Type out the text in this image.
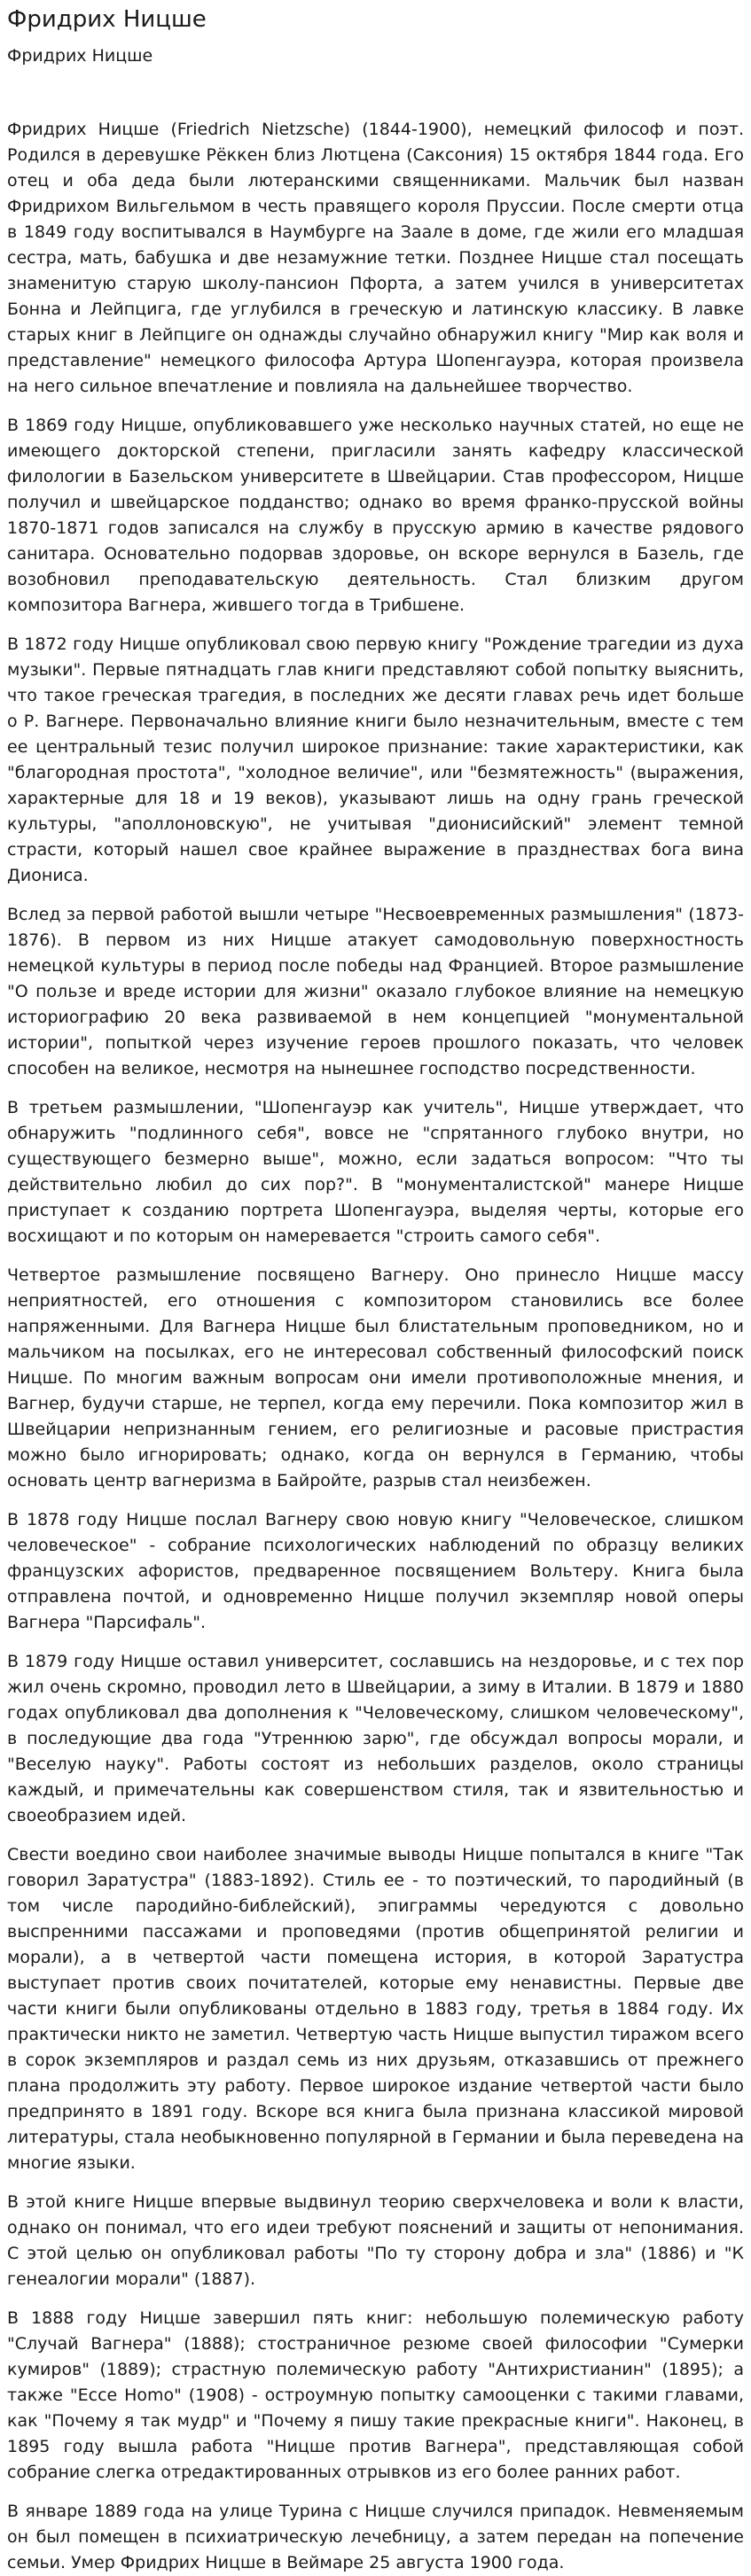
Фридрих Ницше
Фридрих Ницше

Фридрих Ницше (Friedrich Nietzsche) (1844-1900), немецкий философ и поэт. Родился в деревушке Рёккен близ Лютцена (Саксония) 15 октября 1844 года. Его отец и оба деда были лютеранскими священниками. Мальчик был назван Фридрихом Вильгельмом в честь правящего короля Пруссии. После смерти отца в 1849 году воспитывался в Наумбурге на Заале в доме, где жили его младшая сестра, мать, бабушка и две незамужние тетки. Позднее Ницше стал посещать знаменитую старую школу-пансион Пфорта, а затем учился в университетах Бонна и Лейпцига, где углубился в греческую и латинскую классику. В лавке старых книг в Лейпциге он однажды случайно обнаружил книгу "Мир как воля и представление" немецкого философа Артура Шопенгауэра, которая произвела на него сильное впечатление и повлияла на дальнейшее творчество.

В 1869 году Ницше, опубликовавшего уже несколько научных статей, но еще не имеющего докторской степени, пригласили занять кафедру классической филологии в Базельском университете в Швейцарии. Став профессором, Ницше получил и швейцарское подданство; однако во время франко-прусской войны 1870-1871 годов записался на службу в прусскую армию в качестве рядового санитара. Основательно подорвав здоровье, он вскоре вернулся в Базель, где возобновил преподавательскую деятельность. Стал близким другом композитора Вагнера, жившего тогда в Трибшене.

В 1872 году Ницше опубликовал свою первую книгу "Рождение трагедии из духа музыки". Первые пятнадцать глав книги представляют собой попытку выяснить, что такое греческая трагедия, в последних же десяти главах речь идет больше о Р. Вагнере. Первоначально влияние книги было незначительным, вместе с тем ее центральный тезис получил широкое признание: такие характеристики, как "благородная простота", "холодное величие", или "безмятежность" (выражения, характерные для 18 и 19 веков), указывают лишь на одну грань греческой культуры, "аполлоновскую", не учитывая "дионисийский" элемент темной страсти, который нашел свое крайнее выражение в празднествах бога вина Диониса.

Вслед за первой работой вышли четыре "Несвоевременных размышления" (1873-1876). В первом из них Ницше атакует самодовольную поверхностность немецкой культуры в период после победы над Францией. Второе размышление "О пользе и вреде истории для жизни" оказало глубокое влияние на немецкую историографию 20 века развиваемой в нем концепцией "монументальной истории", попыткой через изучение героев прошлого показать, что человек способен на великое, несмотря на нынешнее господство посредственности.

В третьем размышлении, "Шопенгауэр как учитель", Ницше утверждает, что обнаружить "подлинного себя", вовсе не "спрятанного глубоко внутри, но существующего безмерно выше", можно, если задаться вопросом: "Что ты действительно любил до сих пор?". В "монументалистской" манере Ницше приступает к созданию портрета Шопенгауэра, выделяя черты, которые его восхищают и по которым он намеревается "строить самого себя".

Четвертое размышление посвящено Вагнеру. Оно принесло Ницше массу неприятностей, его отношения с композитором становились все более напряженными. Для Вагнера Ницше был блистательным проповедником, но и мальчиком на посылках, его не интересовал собственный философский поиск Ницше. По многим важным вопросам они имели противоположные мнения, и Вагнер, будучи старше, не терпел, когда ему перечили. Пока композитор жил в Швейцарии непризнанным гением, его религиозные и расовые пристрастия можно было игнорировать; однако, когда он вернулся в Германию, чтобы основать центр вагнеризма в Байройте, разрыв стал неизбежен.

В 1878 году Ницше послал Вагнеру свою новую книгу "Человеческое, слишком человеческое" - собрание психологических наблюдений по образцу великих французских афористов, предваренное посвящением Вольтеру. Книга была отправлена почтой, и одновременно Ницше получил экземпляр новой оперы Вагнера "Парсифаль".

В 1879 году Ницше оставил университет, сославшись на нездоровье, и с тех пор жил очень скромно, проводил лето в Швейцарии, а зиму в Италии. В 1879 и 1880 годах опубликовал два дополнения к "Человеческому, слишком человеческому", в последующие два года "Утреннюю зарю", где обсуждал вопросы морали, и "Веселую науку". Работы состоят из небольших разделов, около страницы каждый, и примечательны как совершенством стиля, так и язвительностью и своеобразием идей.

Свести воедино свои наиболее значимые выводы Ницше попытался в книге "Так говорил Заратустра" (1883-1892). Стиль ее - то поэтический, то пародийный (в том числе пародийно-библейский), эпиграммы чередуются с довольно выспренними пассажами и проповедями (против общепринятой религии и морали), а в четвертой части помещена история, в которой Заратустра выступает против своих почитателей, которые ему ненавистны. Первые две части книги были опубликованы отдельно в 1883 году, третья в 1884 году. Их практически никто не заметил. Четвертую часть Ницше выпустил тиражом всего в сорок экземпляров и раздал семь из них друзьям, отказавшись от прежнего плана продолжить эту работу. Первое широкое издание четвертой части было предпринято в 1891 году. Вскоре вся книга была признана классикой мировой литературы, стала необыкновенно популярной в Германии и была переведена на многие языки.

В этой книге Ницше впервые выдвинул теорию сверхчеловека и воли к власти, однако он понимал, что его идеи требуют пояснений и защиты от непонимания. С этой целью он опубликовал работы "По ту сторону добра и зла" (1886) и "К генеалогии морали" (1887).

В 1888 году Ницше завершил пять книг: небольшую полемическую работу "Случай Вагнера" (1888); стостраничное резюме своей философии "Сумерки кумиров" (1889); страстную полемическую работу "Антихристианин" (1895); а также "Ecce Homo" (1908) - остроумную попытку самооценки с такими главами, как "Почему я так мудр" и "Почему я пишу такие прекрасные книги". Наконец, в 1895 году вышла работа "Ницше против Вагнера", представляющая собой собрание слегка отредактированных отрывков из его более ранних работ.

В январе 1889 года на улице Турина с Ницше случился припадок. Невменяемым он был помещен в психиатрическую лечебницу, а затем передан на попечение семьи. Умер Фридрих Ницше в Веймаре 25 августа 1900 года.
